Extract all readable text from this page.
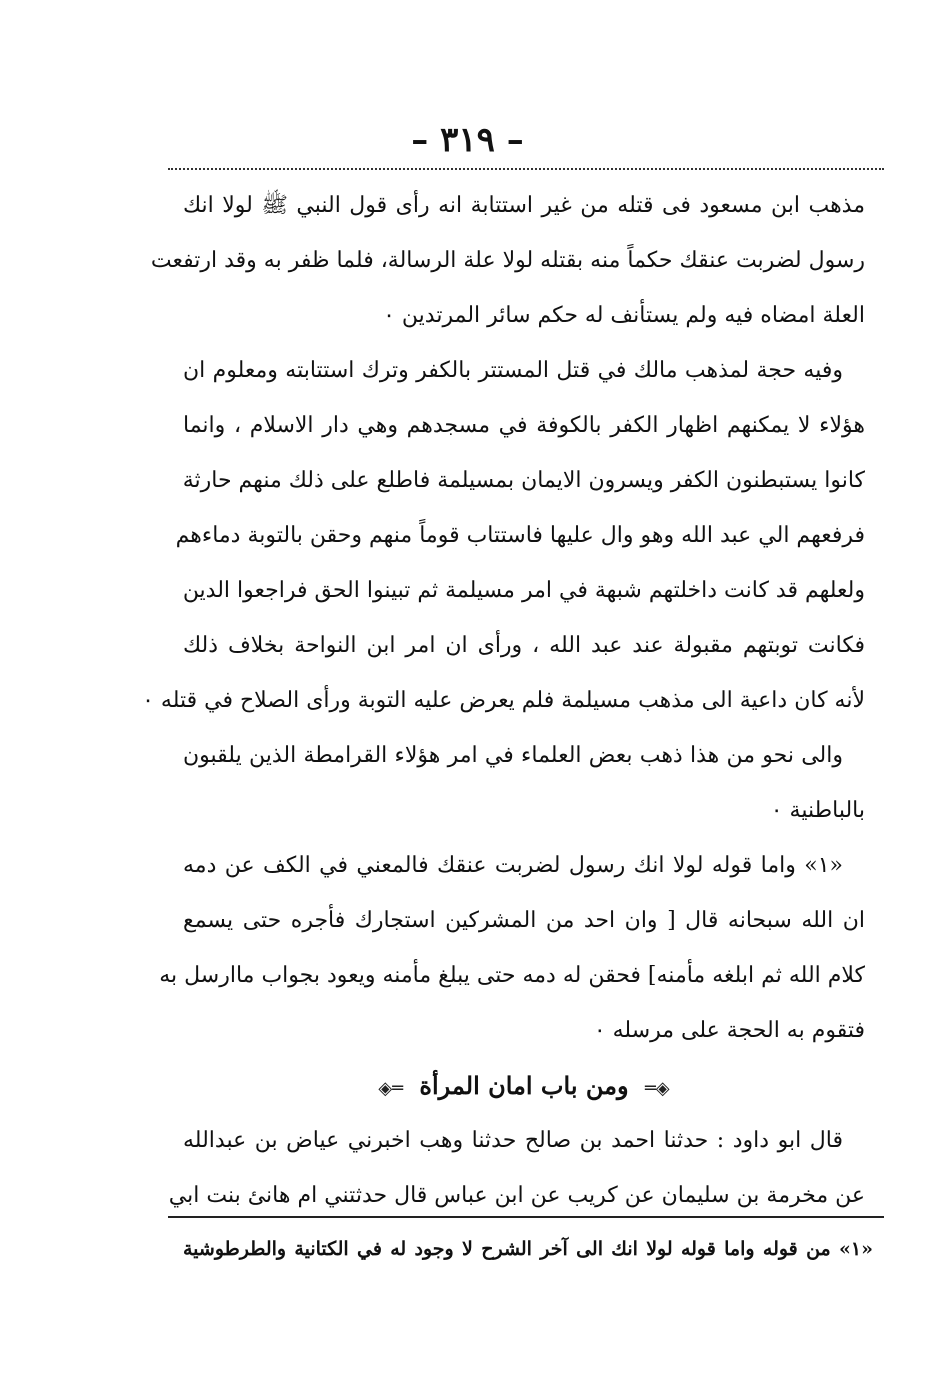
– ٣١٩ –
مذهب ابن مسعود فى قتله من غير استتابة انه رأى قول النبي ﷺ لولا انك
رسول لضربت عنقك حكماً منه بقتله لولا علة الرسالة، فلما ظفر به وقد ارتفعت
العلة امضاه فيه ولم يستأنف له حكم سائر المرتدين ٠
وفيه حجة لمذهب مالك في قتل المستتر بالكفر وترك استتابته ومعلوم ان
هؤلاء لا يمكنهم اظهار الكفر بالكوفة في مسجدهم وهي دار الاسلام ، وانما
كانوا يستبطنون الكفر ويسرون الايمان بمسيلمة فاطلع على ذلك منهم حارثة
فرفعهم الي عبد الله وهو وال عليها فاستتاب قوماً منهم وحقن بالتوبة دماءهم
ولعلهم قد كانت داخلتهم شبهة في امر مسيلمة ثم تبينوا الحق فراجعوا الدين
فكانت توبتهم مقبولة عند عبد الله ، ورأى ان امر ابن النواحة بخلاف ذلك
لأنه كان داعية الى مذهب مسيلمة فلم يعرض عليه التوبة ورأى الصلاح في قتله ٠
والى نحو من هذا ذهب بعض العلماء في امر هؤلاء القرامطة الذين يلقبون
بالباطنية ٠
«١» واما قوله لولا انك رسول لضربت عنقك فالمعني في الكف عن دمه
ان الله سبحانه قال [ وان احد من المشركين استجارك فأجره حتى يسمع
كلام الله ثم ابلغه مأمنه] فحقن له دمه حتى يبلغ مأمنه ويعود بجواب ماارسل به
فتقوم به الحجة على مرسله ٠
◈═ ومن باب امان المرأة ═◈
قال ابو داود : حدثنا احمد بن صالح حدثنا وهب اخبرني عياض بن عبدالله
عن مخرمة بن سليمان عن كريب عن ابن عباس قال حدثتني ام هانئ بنت ابي
«١» من قوله واما قوله لولا انك الى آخر الشرح لا وجود له في الكتانية والطرطوشية
